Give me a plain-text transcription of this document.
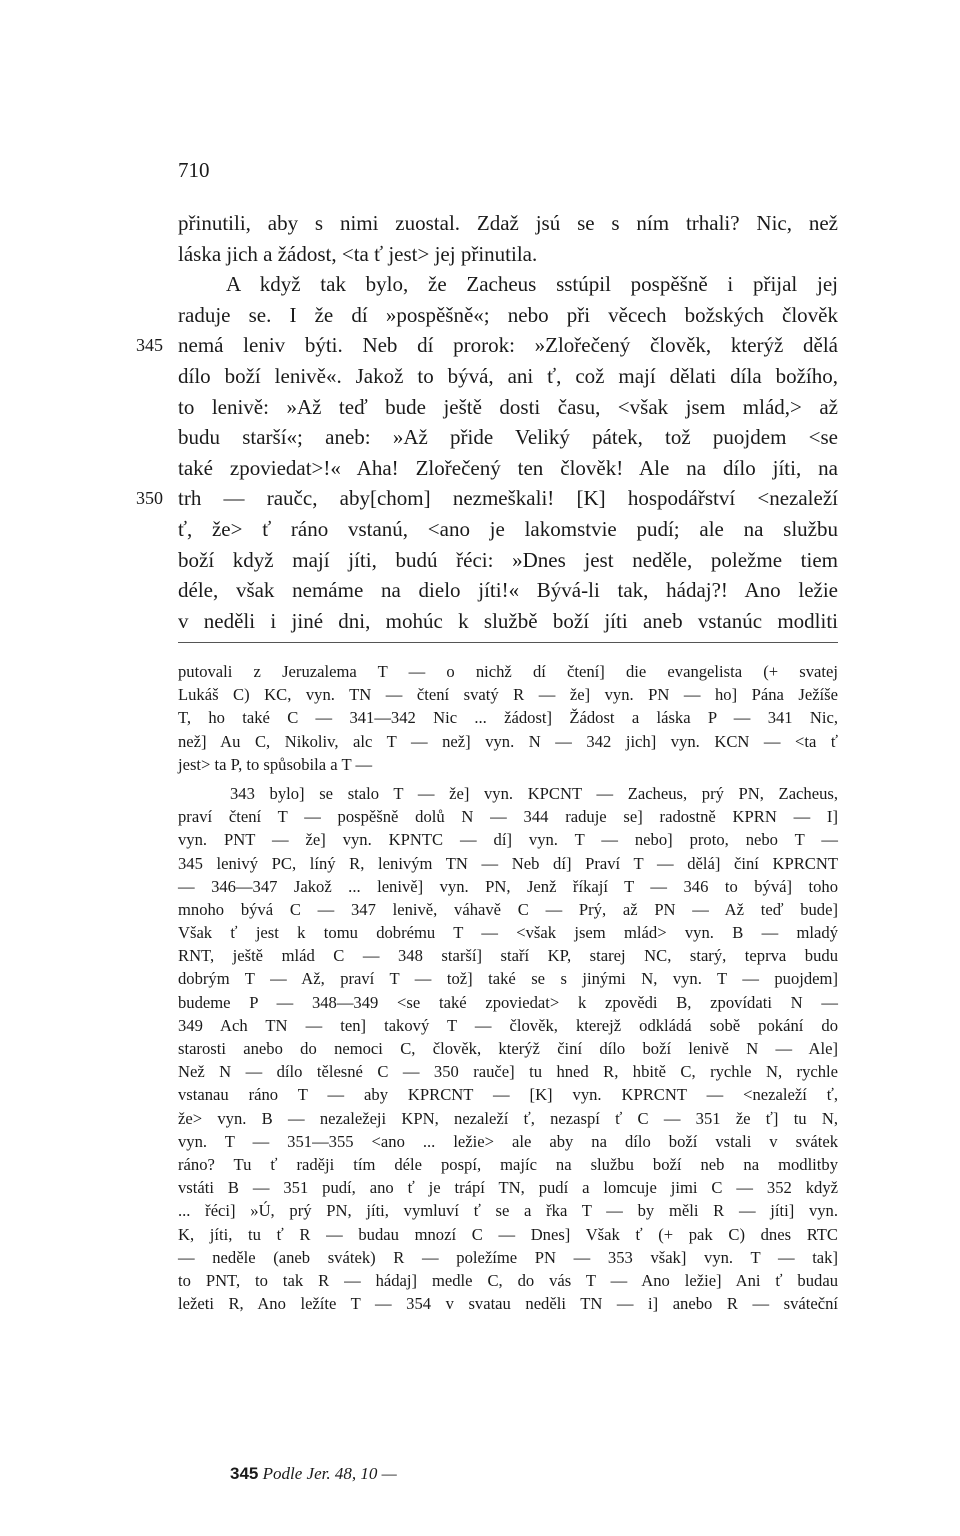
710
přinutili, aby s nimi zuostal. Zdaž jsú se s ním trhali? Nic, než
láska jich a žádost, <ta ť jest> jej přinutila.
A když tak bylo, že Zacheus sstúpil pospěšně i přijal jej
raduje se. I že dí »pospěšně«; nebo při věcech božských člověk
345 nemá leniv býti. Neb dí prorok: »Zlořečený člověk, kterýž dělá
dílo boží lenivě«. Jakož to bývá, ani ť, což mají dělati díla božího,
to lenivě: »Až teď bude ještě dosti času, <však jsem mlád,> až
budu starší«; aneb: »Až přide Veliký pátek, tož puojdem <se
také zpoviedat>!« Aha! Zlořečený ten člověk! Ale na dílo jíti, na
350 trh — raučc, aby[chom] nezmeškali! [K] hospodářství <nezaleží
ť, že> ť ráno vstanú, <ano je lakomstvie pudí; ale na službu
boží když mají jíti, budú řéci: »Dnes jest neděle, poležme tiem
déle, však nemáme na dielo jíti!« Bývá-li tak, hádaj?! Ano ležie
v neděli i jiné dni, mohúc k službě boží jíti aneb vstanúc modliti
putovali z Jeruzalema T — o nichž dí čtení] die evangelista (+ svatej
Lukáš C) KC, vyn. TN — čtení svatý R — že] vyn. PN — ho] Pána Ježíše
T, ho také C — 341—342 Nic ... žádost] Žádost a láska P — 341 Nic,
než] Au C, Nikoliv, alc T — než] vyn. N — 342 jich] vyn. KCN — <ta ť
jest> ta P, to spůsobila a T —
343 bylo] se stalo T — že] vyn. KPCNT — Zacheus, prý PN, Zacheus,
praví čtení T — pospěšně dolů N — 344 raduje se] radostně KPRN — I]
vyn. PNT — že] vyn. KPNTC — dí] vyn. T — nebo] proto, nebo T —
345 lenivý PC, líný R, lenivým TN — Neb dí] Praví T — dělá] činí KPRCNT
— 346—347 Jakož ... lenivě] vyn. PN, Jenž říkají T — 346 to bývá] toho
mnoho bývá C — 347 lenivě, váhavě C — Prý, až PN — Až teď bude]
Však ť jest k tomu dobrému T — <však jsem mlád> vyn. B — mladý
RNT, ještě mlád C — 348 starší] staří KP, starej NC, starý, teprva budu
dobrým T — Až, praví T — tož] také se s jinými N, vyn. T — puojdem]
budeme P — 348—349 <se také zpoviedat> k zpovědi B, zpovídati N —
349 Ach TN — ten] takový T — člověk, kterejž odkládá sobě pokání do
starosti anebo do nemoci C, člověk, kterýž činí dílo boží lenivě N — Ale]
Než N — dílo tělesné C — 350 rauče] tu hned R, hbitě C, rychle N, rychle
vstanau ráno T — aby KPRCNT — [K] vyn. KPRCNT — <nezaleží ť,
že> vyn. B — nezaležeji KPN, nezaleží ť, nezaspí ť C — 351 že ť] tu N,
vyn. T — 351—355 <ano ... ležie> ale aby na dílo boží vstali v svátek
ráno? Tu ť raději tím déle pospí, majíc na službu boží neb na modlitby
vstáti B — 351 pudí, ano ť je trápí TN, pudí a lomcuje jimi C — 352 když
... řéci] »Ú, prý PN, jíti, vymluví ť se a řka T — by měli R — jíti] vyn.
K, jíti, tu ť R — budau mnozí C — Dnes] Však ť (+ pak C) dnes RTC
— neděle (aneb svátek) R — poležíme PN — 353 však] vyn. T — tak]
to PNT, to tak R — hádaj] medle C, do vás T — Ano ležie] Ani ť budau
ležeti R, Ano ležíte T — 354 v svatau neděli TN — i] anebo R — sváteční
345 Podle Jer. 48, 10 —
